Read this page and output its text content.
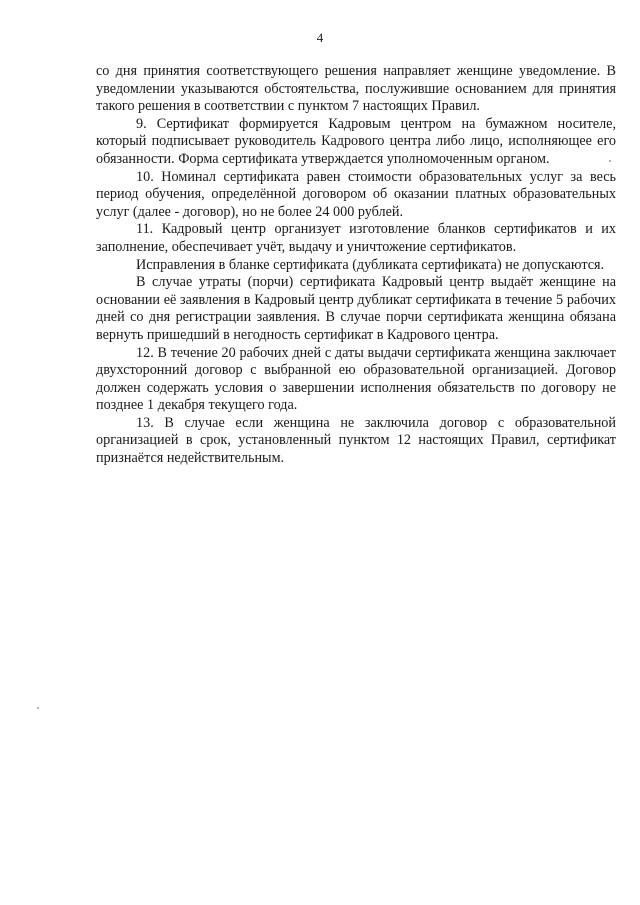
4

со дня принятия соответствующего решения направляет женщине уведомление. В уведомлении указываются обстоятельства, послужившие основанием для принятия такого решения в соответствии с пунктом 7 настоящих Правил.

9. Сертификат формируется Кадровым центром на бумажном носителе, который подписывает руководитель Кадрового центра либо лицо, исполняющее его обязанности. Форма сертификата утверждается уполномоченным органом.

10. Номинал сертификата равен стоимости образовательных услуг за весь период обучения, определённой договором об оказании платных образовательных услуг (далее - договор), но не более 24 000 рублей.

11. Кадровый центр организует изготовление бланков сертификатов и их заполнение, обеспечивает учёт, выдачу и уничтожение сертификатов.

Исправления в бланке сертификата (дубликата сертификата) не допускаются.

В случае утраты (порчи) сертификата Кадровый центр выдаёт женщине на основании её заявления в Кадровый центр дубликат сертификата в течение 5 рабочих дней со дня регистрации заявления. В случае порчи сертификата женщина обязана вернуть пришедший в негодность сертификат в Кадрового центра.

12. В течение 20 рабочих дней с даты выдачи сертификата женщина заключает двухсторонний договор с выбранной ею образовательной организацией. Договор должен содержать условия о завершении исполнения обязательств по договору не позднее 1 декабря текущего года.

13. В случае если женщина не заключила договор с образовательной организацией в срок, установленный пунктом 12 настоящих Правил, сертификат признаётся недействительным.
